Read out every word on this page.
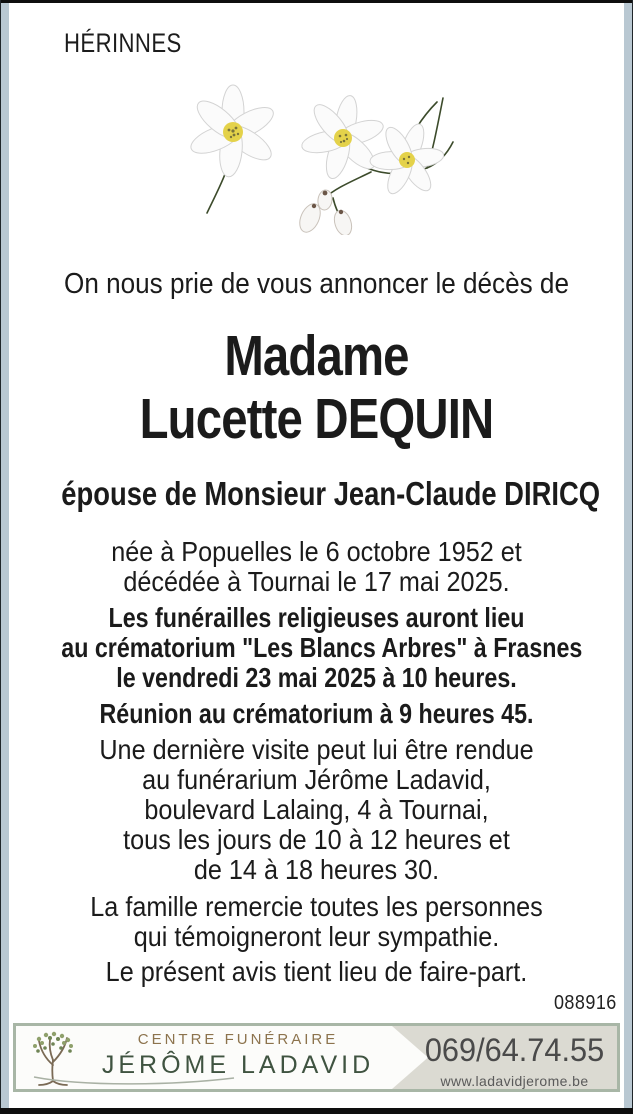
HÉRINNES
On nous prie de vous annoncer le décès de
Madame
Lucette DEQUIN
épouse de Monsieur Jean-Claude DIRICQ
née à Popuelles le 6 octobre 1952 et
décédée à Tournai le 17 mai 2025.
Les funérailles religieuses auront lieu
au crématorium "Les Blancs Arbres" à Frasnes
le vendredi 23 mai 2025 à 10 heures.
Réunion au crématorium à 9 heures 45.
Une dernière visite peut lui être rendue
au funérarium Jérôme Ladavid,
boulevard Lalaing, 4 à Tournai,
tous les jours de 10 à 12 heures et
de 14 à 18 heures 30.
La famille remercie toutes les personnes
qui témoigneront leur sympathie.
Le présent avis tient lieu de faire-part.
088916
069/64.74.55
www.ladavidjerome.be
CENTRE FUNÉRAIRE
JÉRÔME LADAVID
